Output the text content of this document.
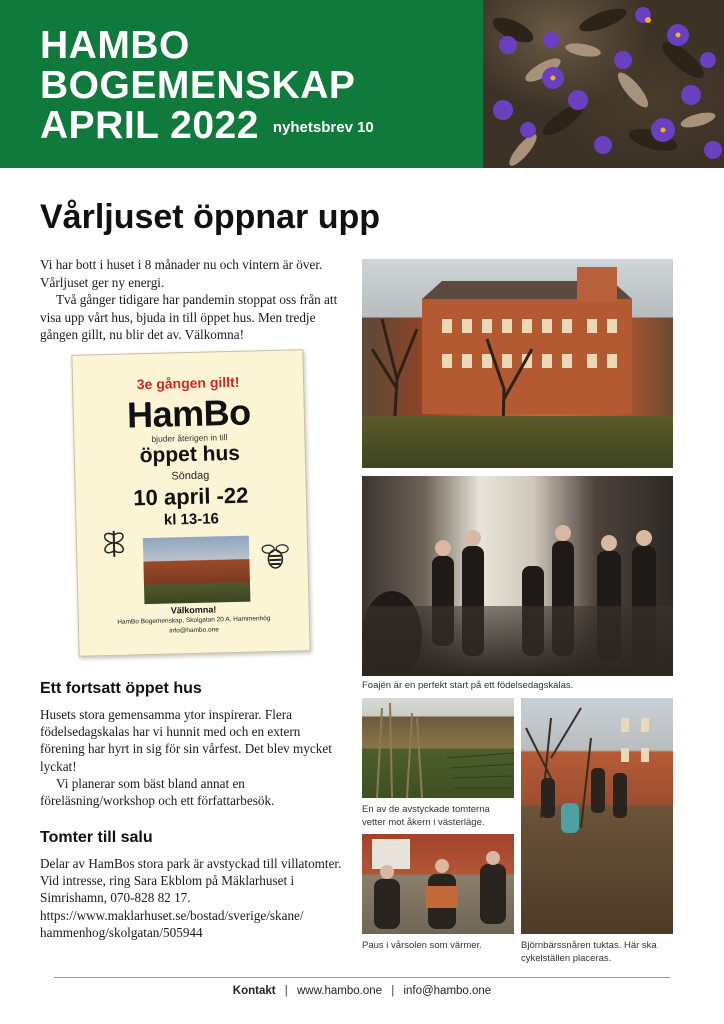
HAMBO
BOGEMENSKAP
APRIL 2022 nyhetsbrev 10
Vårljuset öppnar upp

Vi har bott i huset i 8 månader nu och vintern är över. Vårljuset ger ny energi.

Två gånger tidigare har pandemin stoppat oss från att visa upp vårt hus, bjuda in till öppet hus. Men tredje gången gillt, nu blir det av. Välkomna!

3e gången gillt!
HamBo
bjuder återigen in till
öppet hus
Söndag
10 april -22
kl 13-16
Välkomna!
HamBo Bogemenskap, Skolgatan 20 A, Hammenhög
info@hambo.one
Ett fortsatt öppet hus

Husets stora gemensamma ytor inspirerar. Flera födelsedagskalas har vi hunnit med och en extern förening har hyrt in sig för sin vårfest. Det blev mycket lyckat!

Vi planerar som bäst bland annat en föreläsning/workshop och ett författarbesök.

Tomter till salu

Delar av HamBos stora park är avstyckad till villatomter. Vid intresse, ring Sara Ekblom på Mäklarhuset i Simrishamn, 070-828 82 17.

https://www.maklarhuset.se/bostad/sverige/skane/

hammenhog/skolgatan/505944

Foajén är en perfekt start på ett födelsedagskalas.
En av de avstyckade tomterna vetter mot åkern i västerläge.
Paus i vårsolen som värmer.	Björnbärssnåren tuktas. Här ska cykelställen placeras.
Kontakt | www.hambo.one | info@hambo.one
